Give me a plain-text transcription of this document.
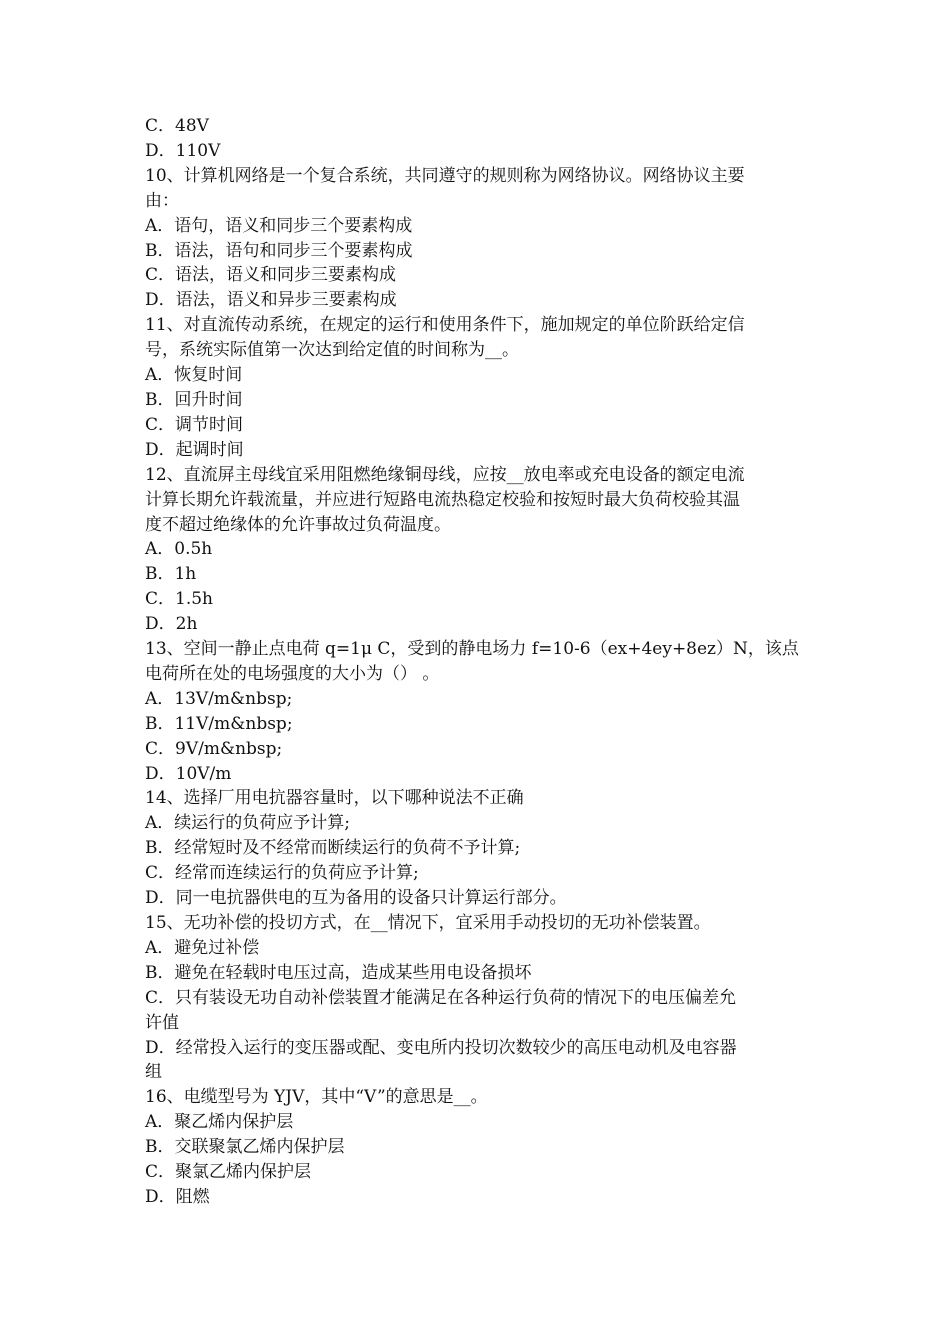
C．48V
D．110V
10、计算机网络是一个复合系统，共同遵守的规则称为网络协议。网络协议主要
由：
A．语句，语义和同步三个要素构成
B．语法，语句和同步三个要素构成
C．语法，语义和同步三要素构成
D．语法，语义和异步三要素构成
11、对直流传动系统，在规定的运行和使用条件下，施加规定的单位阶跃给定信
号，系统实际值第一次达到给定值的时间称为__。
A．恢复时间
B．回升时间
C．调节时间
D．起调时间
12、直流屏主母线宜采用阻燃绝缘铜母线，应按__放电率或充电设备的额定电流
计算长期允许载流量，并应进行短路电流热稳定校验和按短时最大负荷校验其温
度不超过绝缘体的允许事故过负荷温度。
A．0.5h
B．1h
C．1.5h
D．2h
13、空间一静止点电荷 q=1μ C，受到的静电场力 f=10-6（ex+4ey+8ez）N，该点
电荷所在处的电场强度的大小为（） 。
A．13V/m&nbsp;
B．11V/m&nbsp;
C．9V/m&nbsp;
D．10V/m
14、选择厂用电抗器容量时，以下哪种说法不正确
A．续运行的负荷应予计算;
B．经常短时及不经常而断续运行的负荷不予计算;
C．经常而连续运行的负荷应予计算;
D．同一电抗器供电的互为备用的设备只计算运行部分。
15、无功补偿的投切方式，在__情况下，宜采用手动投切的无功补偿装置。
A．避免过补偿
B．避免在轻载时电压过高，造成某些用电设备损坏
C．只有装设无功自动补偿装置才能满足在各种运行负荷的情况下的电压偏差允
许值
D．经常投入运行的变压器或配、变电所内投切次数较少的高压电动机及电容器
组
16、电缆型号为 YJV，其中“V”的意思是__。
A．聚乙烯内保护层
B．交联聚氯乙烯内保护层
C．聚氯乙烯内保护层
D．阻燃
